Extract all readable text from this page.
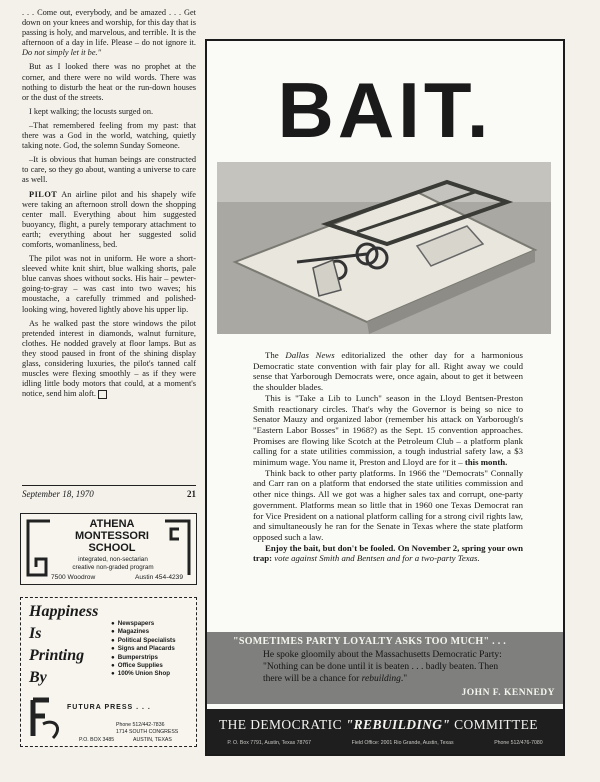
. . . Come out, everybody, and be amazed . . . Get down on your knees and worship, for this day that is passing is holy, and marvelous, and terrible. It is the afternoon of a day in life. Please – do not ignore it. Do not simply let it be."

But as I looked there was no prophet at the corner, and there were no wild words. There was nothing to disturb the heat or the run-down houses or the dust of the streets.

I kept walking; the locusts surged on.

–That remembered feeling from my past: that there was a God in the world, watching, quietly taking note. God, the solemn Sunday Someone.

–It is obvious that human beings are constructed to care, so they go about, wanting a universe to care as well.

PILOT An airline pilot and his shapely wife were taking an afternoon stroll down the shopping center mall. Everything about him suggested buoyancy, flight, a purely temporary attachment to earth; everything about her suggested solid comforts, womanliness, bed.

The pilot was not in uniform. He wore a short-sleeved white knit shirt, blue walking shorts, pale blue canvas shoes without socks. His hair – pewter-going-to-gray – was cast into two waves; his moustache, a carefully trimmed and polished-looking wing, hovered lightly above his upper lip.

As he walked past the store windows the pilot pretended interest in diamonds, walnut furniture, clothes. He nodded gravely at floor lamps. But as they stood paused in front of the shining display glass, considering luxuries, the pilot's tanned calf muscles were flexing smoothly – as if they were idling little body motors that could, at a moment's notice, send him aloft.

September 18, 1970	21
ATHENA
MONTESSORI
SCHOOL
integrated, non-sectarian
creative non-graded program
7500 Woodrow	Austin 454-4239
Happiness
Is
Printing
By
● Newspapers
● Magazines
● Political Specialists
● Signs and Placards
● Bumperstrips
● Office Supplies
● 100% Union Shop
FUTURA PRESS . . .
Phone 512/442-7836
1714 SOUTH CONGRESS
P.O. BOX 3485	AUSTIN, TEXAS
BAIT.

The Dallas News editorialized the other day for a harmonious Democratic state convention with fair play for all. Right away we could sense that Yarborough Democrats were, once again, about to get it between the shoulder blades.

This is "Take a Lib to Lunch" season in the Lloyd Bentsen-Preston Smith reactionary circles. That's why the Governor is being so nice to Senator Mauzy and organized labor (remember his attack on Yarborough's "Eastern Labor Bosses" in 1968?) as the Sept. 15 convention approaches. Promises are flowing like Scotch at the Petroleum Club – a platform plank calling for a state utilities commission, a tough industrial safety law, a $3 minimum wage. You name it, Preston and Lloyd are for it – this month.

Think back to other party platforms. In 1966 the "Democrats" Connally and Carr ran on a platform that endorsed the state utilities commission and other nice things. All we got was a higher sales tax and corrupt, one-party government. Platforms mean so little that in 1960 one Texas Democrat ran for Vice President on a national platform calling for a strong civil rights law, and simultaneously he ran for the Senate in Texas where the state platform opposed such a law.

Enjoy the bait, but don't be fooled. On November 2, spring your own trap: vote against Smith and Bentsen and for a two-party Texas.

"SOMETIMES PARTY LOYALTY ASKS TOO MUCH" . . .
He spoke gloomily about the Massachusetts Democratic Party:
"Nothing can be done until it is beaten . . . badly beaten. Then
there will be a chance for rebuilding."
JOHN F. KENNEDY
THE DEMOCRATIC "REBUILDING" COMMITTEE
P. O. Box 7791, Austin, Texas 78767	Field Office: 2001 Rio Grande, Austin, Texas	Phone 512/476-7080
